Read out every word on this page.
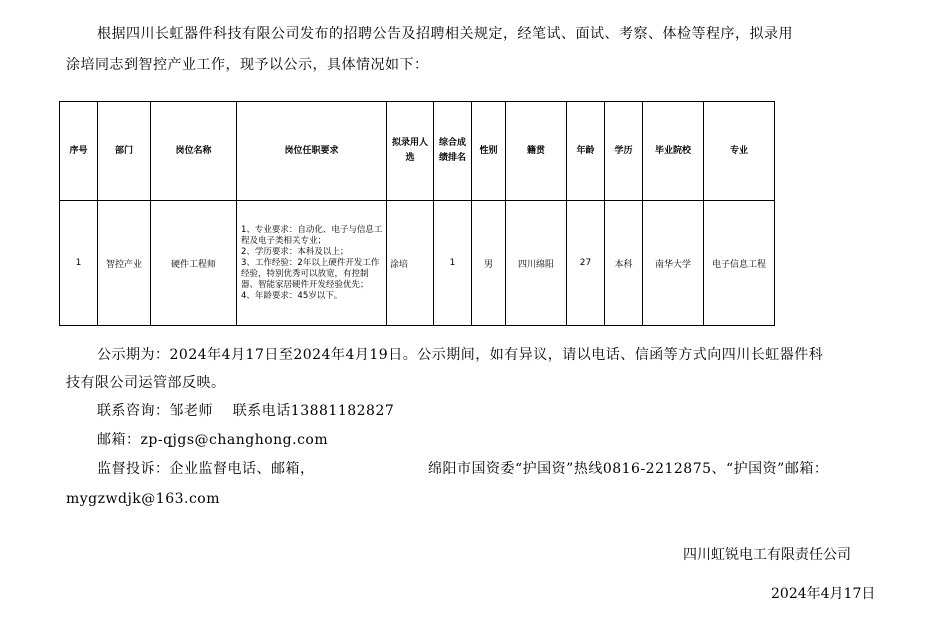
根据四川长虹器件科技有限公司发布的招聘公告及招聘相关规定，经笔试、面试、考察、体检等程序，拟录用
涂培同志到智控产业工作，现予以公示，具体情况如下：
序号	部门	岗位名称	岗位任职要求	拟录用人选	综合成绩排名	性别	籍贯	年龄	学历	毕业院校	专业
1	智控产业	硬件工程师	1、专业要求：自动化、电子与信息工程及电子类相关专业；
2、学历要求：本科及以上；
3、工作经验：2年以上硬件开发工作经验，特别优秀可以放宽，有控制器、智能家居硬件开发经验优先；
4、年龄要求：45岁以下。	涂培	1	男	四川绵阳	27	本科	南华大学	电子信息工程
公示期为：2024年4月17日至2024年4月19日。公示期间，如有异议，请以电话、信函等方式向四川长虹器件科
技有限公司运管部反映。
联系咨询：邹老师    联系电话13881182827
邮箱：zp-qjgs@changhong.com
监督投诉：企业监督电话、邮箱，	绵阳市国资委“护国资”热线0816-2212875、“护国资”邮箱：
mygzwdjk@163.com
四川虹锐电工有限责任公司
2024年4月17日
